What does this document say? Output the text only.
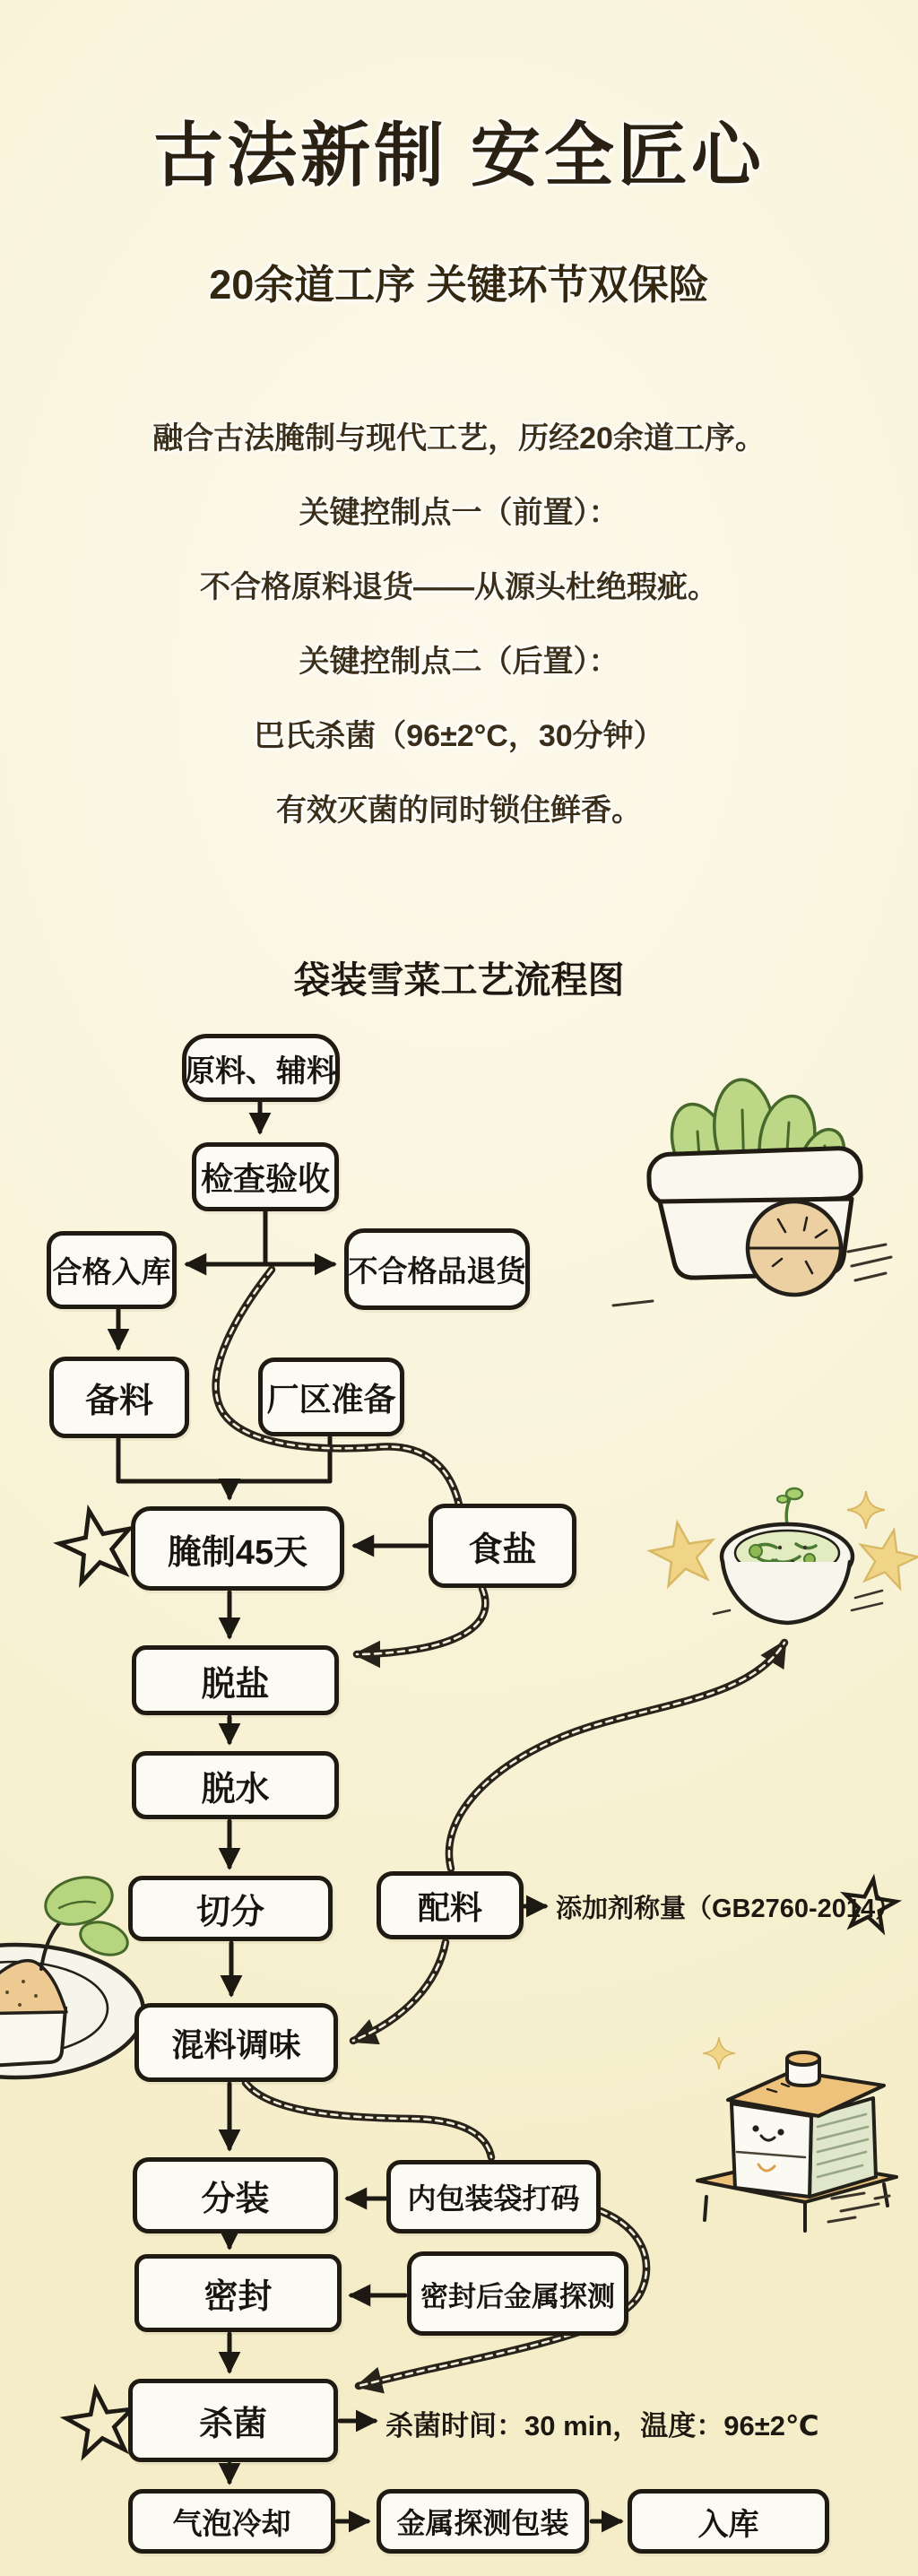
古法新制 安全匠心
20余道工序 关键环节双保险

融合古法腌制与现代工艺，历经20余道工序。

关键控制点一（前置）：

不合格原料退货——从源头杜绝瑕疵。

关键控制点二（后置）：

巴氏杀菌（96±2°C，30分钟）

有效灭菌的同时锁住鲜香。

袋装雪菜工艺流程图
原料、辅料
检查验收
合格入库	不合格品退货
备料	厂区准备
腌制45天	食盐
脱盐
脱水
切分	配料
混料调味
分装	内包装袋打码
密封	密封后金属探测
杀菌
气泡冷却	金属探测包装	入库
添加剂称量（GB2760-2014）
杀菌时间：30 min，温度：96±2℃
